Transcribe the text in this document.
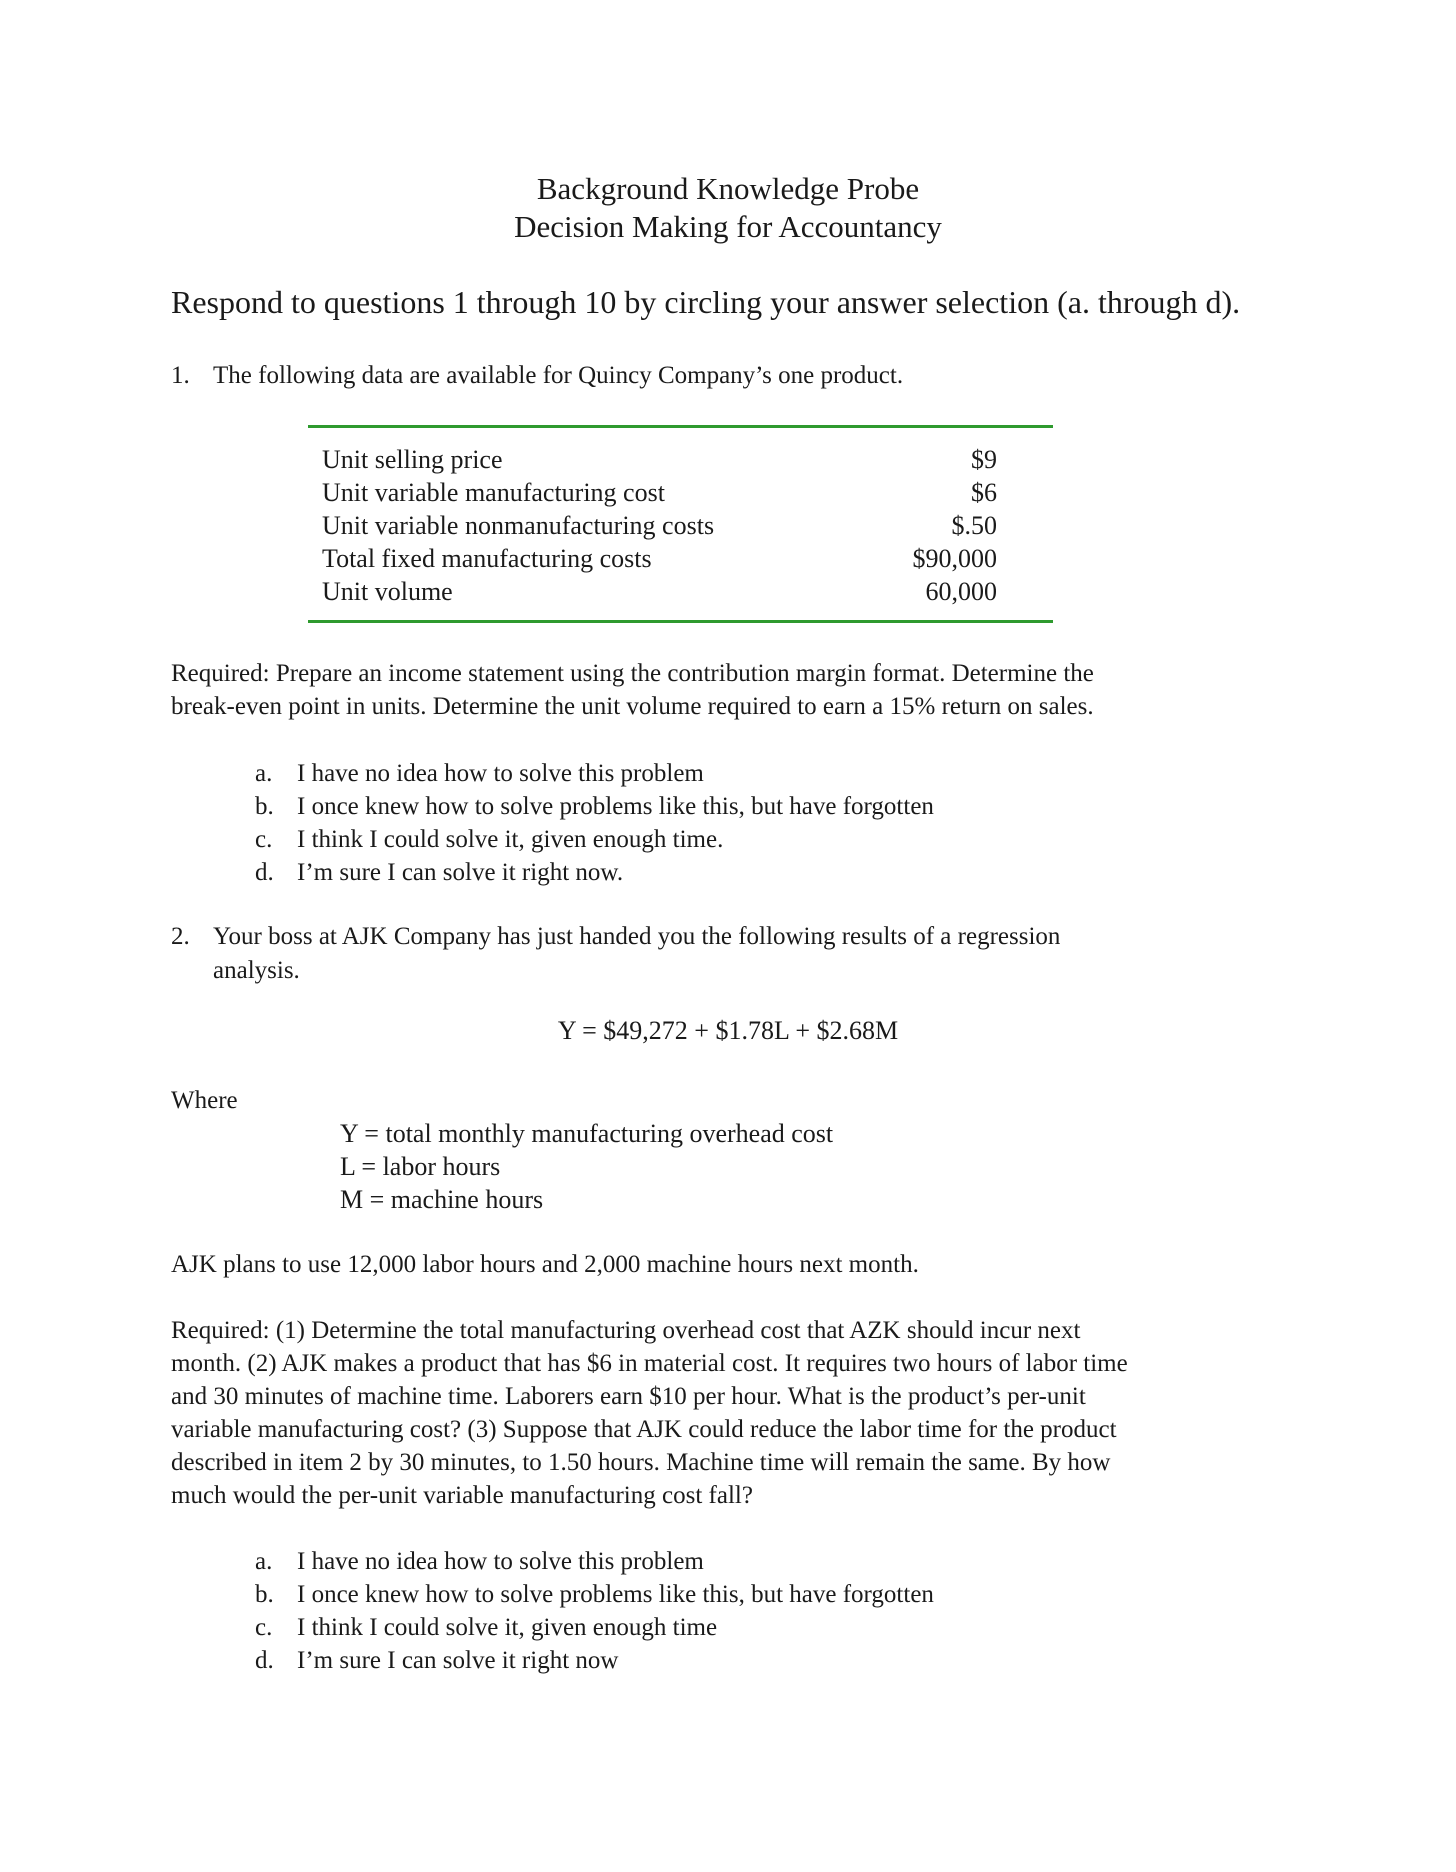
Background Knowledge Probe
Decision Making for Accountancy
Respond to questions 1 through 10 by circling your answer selection (a. through d).
1. The following data are available for Quincy Company’s one product.
Unit selling price	$9
Unit variable manufacturing cost	$6
Unit variable nonmanufacturing costs	$.50
Total fixed manufacturing costs	$90,000
Unit volume	60,000
Required: Prepare an income statement using the contribution margin format. Determine the
break-even point in units. Determine the unit volume required to earn a 15% return on sales.
a. I have no idea how to solve this problem
b. I once knew how to solve problems like this, but have forgotten
c. I think I could solve it, given enough time.
d. I’m sure I can solve it right now.
2. Your boss at AJK Company has just handed you the following results of a regression
analysis.
Y = $49,272 + $1.78L + $2.68M
Where
Y = total monthly manufacturing overhead cost
L = labor hours
M = machine hours
AJK plans to use 12,000 labor hours and 2,000 machine hours next month.
Required: (1) Determine the total manufacturing overhead cost that AZK should incur next
month. (2) AJK makes a product that has $6 in material cost. It requires two hours of labor time
and 30 minutes of machine time. Laborers earn $10 per hour. What is the product’s per-unit
variable manufacturing cost? (3) Suppose that AJK could reduce the labor time for the product
described in item 2 by 30 minutes, to 1.50 hours. Machine time will remain the same. By how
much would the per-unit variable manufacturing cost fall?
a. I have no idea how to solve this problem
b. I once knew how to solve problems like this, but have forgotten
c. I think I could solve it, given enough time
d. I’m sure I can solve it right now
